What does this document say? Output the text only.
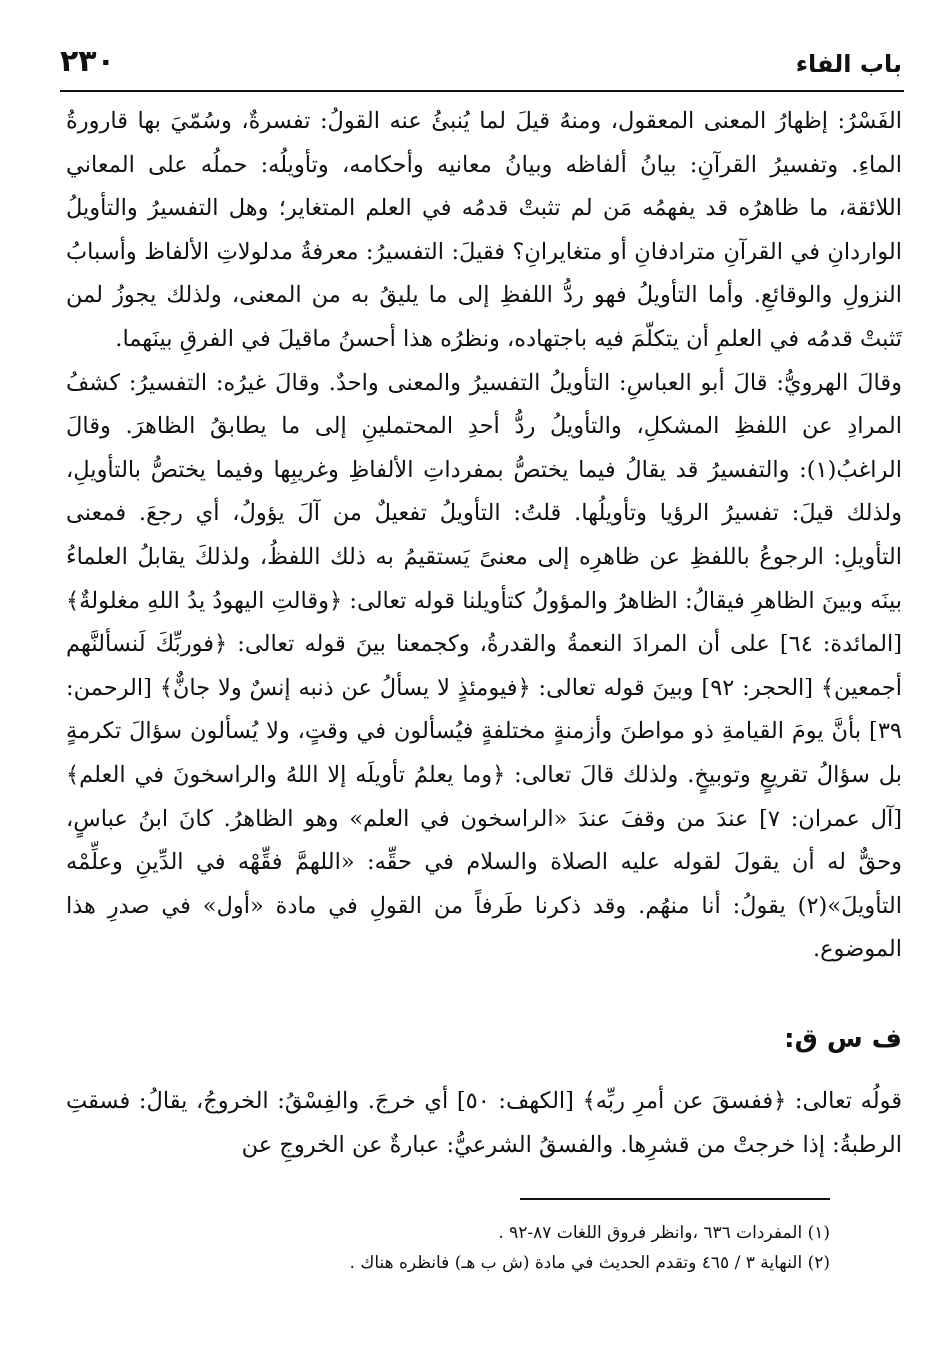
باب الفاء
٢٣٠

الفَسْرُ: إظهارُ المعنى المعقول، ومنهُ قيلَ لما يُنبئُ عنه القولُ: تفسرةٌ، وسُمّيَ بها قارورةُ الماءِ. وتفسيرُ القرآنِ: بيانُ ألفاظه وبيانُ معانيه وأحكامه، وتأويلُه: حملُه على المعاني اللائقة، ما ظاهرُه قد يفهمُه مَن لم تثبتْ قدمُه في العلم المتغاير؛ وهل التفسيرُ والتأويلُ الواردانِ في القرآنِ مترادفانِ أو متغايرانِ؟ فقيلَ: التفسيرُ: معرفةُ مدلولاتِ الألفاظ وأسبابُ النزولِ والوقائعِ. وأما التأويلُ فهو ردُّ اللفظِ إلى ما يليقُ به من المعنى، ولذلك يجوزُ لمن تَثبتْ قدمُه في العلمِ أن يتكلّمَ فيه باجتهاده، ونظرُه هذا أحسنُ ماقيلَ في الفرقِ بينَهما.

وقالَ الهرويُّ: قالَ أبو العباسِ: التأويلُ التفسيرُ والمعنى واحدٌ. وقالَ غيرُه: التفسيرُ: كشفُ المرادِ عن اللفظِ المشكلِ، والتأويلُ ردُّ أحدِ المحتملينِ إلى ما يطابقُ الظاهرَ. وقالَ الراغبُ(١): والتفسيرُ قد يقالُ فيما يختصُّ بمفرداتِ الألفاظِ وغريبِها وفيما يختصُّ بالتأويلِ، ولذلك قيلَ: تفسيرُ الرؤيا وتأويلُها. قلتُ: التأويلُ تفعيلٌ من آلَ يؤولُ، أي رجعَ. فمعنى التأويلِ: الرجوعُ باللفظِ عن ظاهرِه إلى معنىً يَستقيمُ به ذلك اللفظُ، ولذلكَ يقابلُ العلماءُ بينَه وبينَ الظاهرِ فيقالُ: الظاهرُ والمؤولُ كتأويلنا قوله تعالى: ﴿وقالتِ اليهودُ يدُ اللهِ مغلولةٌ﴾ [المائدة: ٦٤] على أن المرادَ النعمةُ والقدرةُ، وكجمعنا بينَ قوله تعالى: ﴿فوربِّكَ لَنسألنَّهم أجمعين﴾ [الحجر: ٩٢] وبينَ قوله تعالى: ﴿فيومئذٍ لا يسألُ عن ذنبه إنسٌ ولا جانٌّ﴾ [الرحمن: ٣٩] بأنَّ يومَ القيامةِ ذو مواطنَ وأزمنةٍ مختلفةٍ فيُسألون في وقتٍ، ولا يُسألون سؤالَ تكرمةٍ بل سؤالُ تقريعٍ وتوبيخٍ. ولذلك قالَ تعالى: ﴿وما يعلمُ تأويلَه إلا اللهُ والراسخونَ في العلم﴾ [آل عمران: ٧] عندَ من وقفَ عندَ «الراسخون في العلم» وهو الظاهرُ. كانَ ابنُ عباسٍ، وحقٌّ له أن يقولَ لقوله عليه الصلاة والسلام في حقِّه: «اللهمَّ فقِّهْه في الدِّينِ وعلِّمْه التأويلَ»(٢) يقولُ: أنا منهُم. وقد ذكرنا طَرفاً من القولِ في مادة «أول» في صدرِ هذا الموضوع.

ف س ق:

قولُه تعالى: ﴿ففسقَ عن أمرِ ربِّه﴾ [الكهف: ٥٠] أي خرجَ. والفِسْقُ: الخروجُ، يقالُ: فسقتِ الرطبةُ: إذا خرجتْ من قشرِها. والفسقُ الشرعيُّ: عبارةٌ عن الخروجِ عن

(١) المفردات ٦٣٦ ،وانظر فروق اللغات ٨٧-٩٢ .
(٢) النهاية ٣ / ٤٦٥ وتقدم الحديث في مادة (ش ب هـ) فانظره هناك .
